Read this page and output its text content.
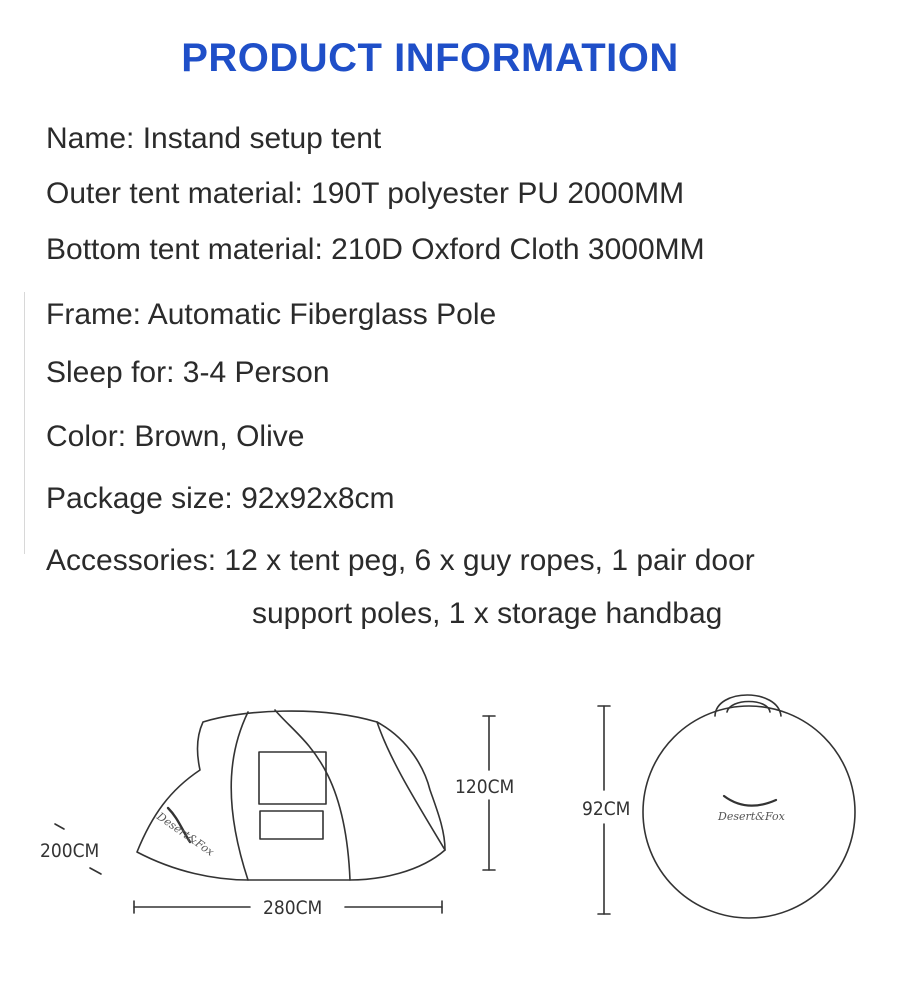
PRODUCT INFORMATION
Name: Instand setup tent
Outer tent material: 190T polyester PU 2000MM
Bottom tent material: 210D Oxford Cloth 3000MM
Frame: Automatic Fiberglass Pole
Sleep for: 3-4 Person
Color: Brown, Olive
Package size: 92x92x8cm
Accessories: 12 x tent peg, 6 x guy ropes, 1 pair door
support poles, 1 x storage handbag
200CM
280CM
120CM
92CM	Desert&Fox
Desert&Fox
